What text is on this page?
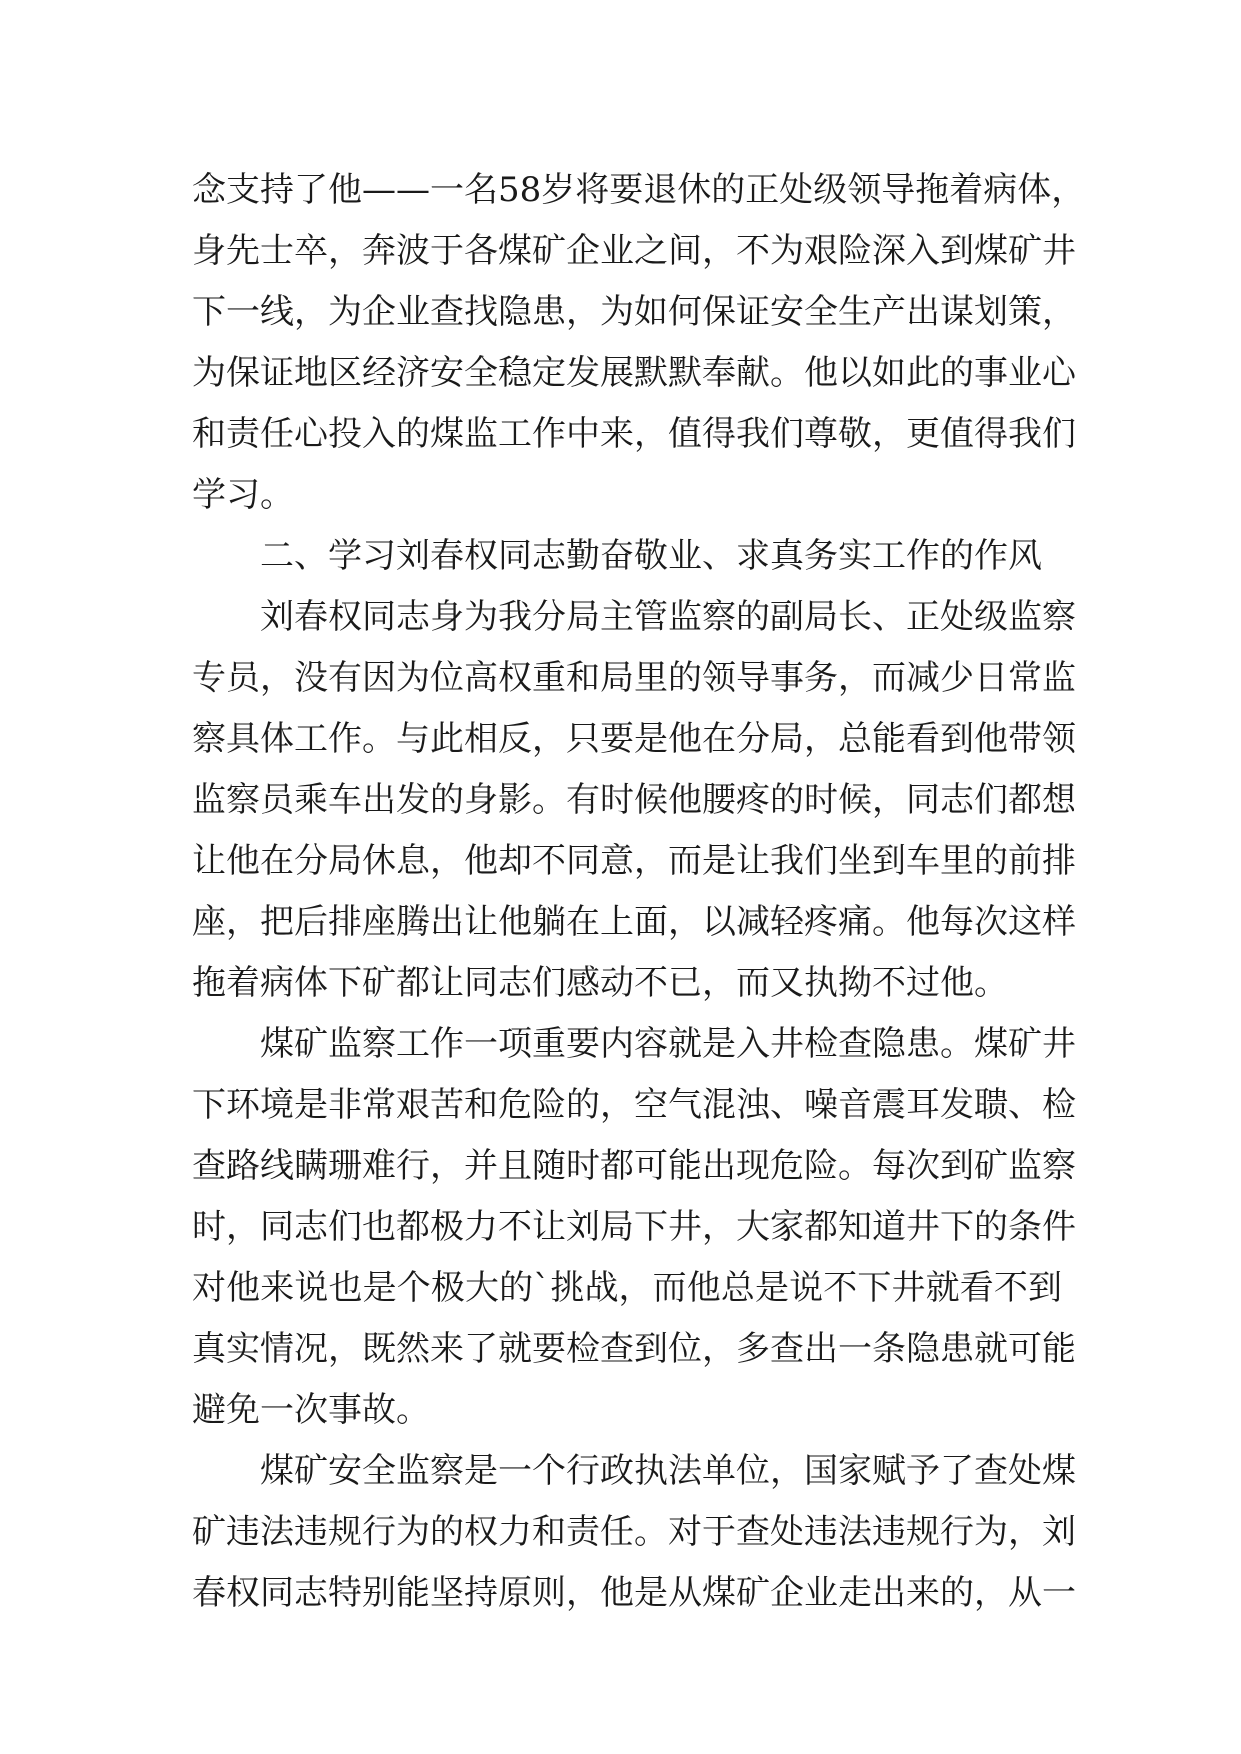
念支持了他——一名58岁将要退休的正处级领导拖着病体，
身先士卒，奔波于各煤矿企业之间，不为艰险深入到煤矿井
下一线，为企业查找隐患，为如何保证安全生产出谋划策，
为保证地区经济安全稳定发展默默奉献。他以如此的事业心
和责任心投入的煤监工作中来，值得我们尊敬，更值得我们
学习。
二、学习刘春权同志勤奋敬业、求真务实工作的作风
刘春权同志身为我分局主管监察的副局长、正处级监察
专员，没有因为位高权重和局里的领导事务，而减少日常监
察具体工作。与此相反，只要是他在分局，总能看到他带领
监察员乘车出发的身影。有时候他腰疼的时候，同志们都想
让他在分局休息，他却不同意，而是让我们坐到车里的前排
座，把后排座腾出让他躺在上面，以减轻疼痛。他每次这样
拖着病体下矿都让同志们感动不已，而又执拗不过他。
煤矿监察工作一项重要内容就是入井检查隐患。煤矿井
下环境是非常艰苦和危险的，空气混浊、噪音震耳发聩、检
查路线瞒珊难行，并且随时都可能出现危险。每次到矿监察
时，同志们也都极力不让刘局下井，大家都知道井下的条件
对他来说也是个极大的`挑战，而他总是说不下井就看不到
真实情况，既然来了就要检查到位，多查出一条隐患就可能
避免一次事故。
煤矿安全监察是一个行政执法单位，国家赋予了查处煤
矿违法违规行为的权力和责任。对于查处违法违规行为，刘
春权同志特别能坚持原则，他是从煤矿企业走出来的，从一
